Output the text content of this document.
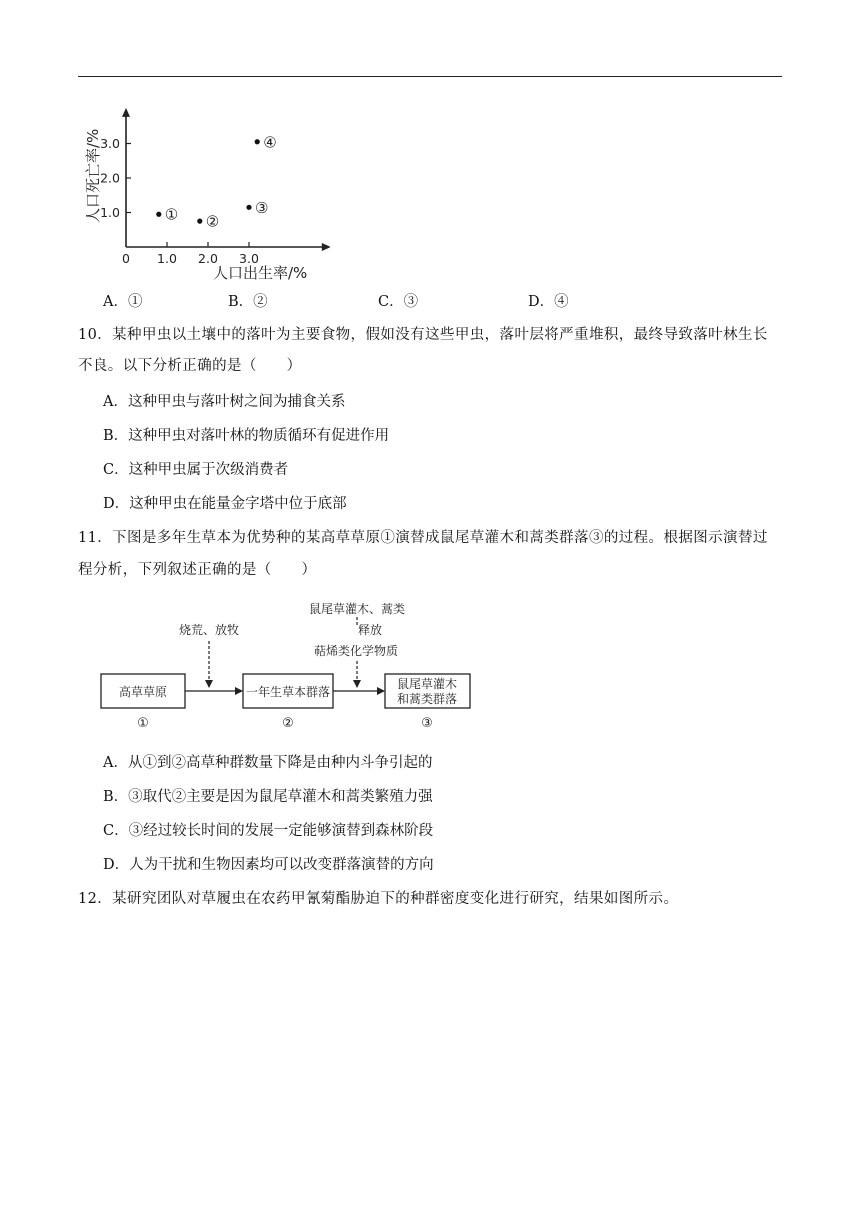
0 1.0 2.0 3.0
1.0
2.0
3.0
① ②
③
④
人口死亡率/%
人口出生率/%
A．①	B．②	C．③	D．④
10．某种甲虫以土壤中的落叶为主要食物，假如没有这些甲虫，落叶层将严重堆积，最终导致落叶林生长
不良。以下分析正确的是（　　）
A．这种甲虫与落叶树之间为捕食关系
B．这种甲虫对落叶林的物质循环有促进作用
C．这种甲虫属于次级消费者
D．这种甲虫在能量金字塔中位于底部
11．下图是多年生草本为优势种的某高草草原①演替成鼠尾草灌木和蒿类群落③的过程。根据图示演替过
程分析，下列叙述正确的是（　　）
烧荒、放牧
鼠尾草灌木、蒿类
释放
萜烯类化学物质
高草草原	一年生草本群落
鼠尾草灌木
和蒿类群落
①	②	③
A．从①到②高草种群数量下降是由种内斗争引起的
B．③取代②主要是因为鼠尾草灌木和蒿类繁殖力强
C．③经过较长时间的发展一定能够演替到森林阶段
D．人为干扰和生物因素均可以改变群落演替的方向
12．某研究团队对草履虫在农药甲氰菊酯胁迫下的种群密度变化进行研究，结果如图所示。
